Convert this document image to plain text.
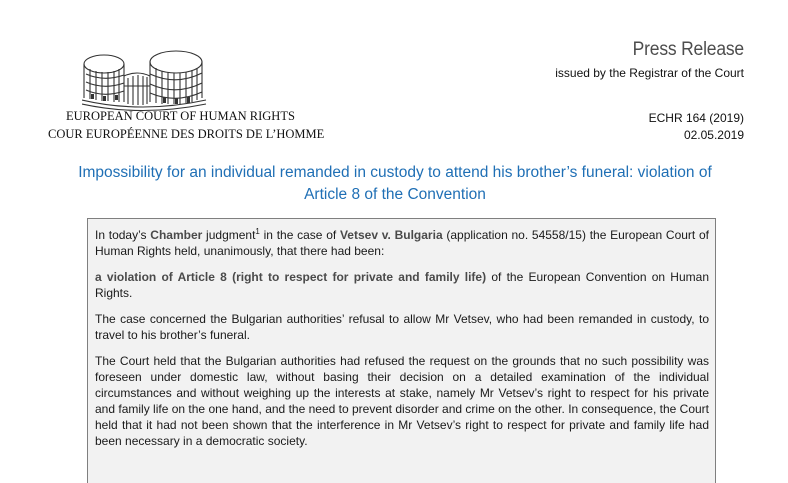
EUROPEAN COURT OF HUMAN RIGHTS
COUR EUROPÉENNE DES DROITS DE L’HOMME
Press Release
issued by the Registrar of the Court
ECHR 164 (2019)
02.05.2019
Impossibility for an individual remanded in custody to attend his brother’s funeral: violation of Article 8 of the Convention

In today’s Chamber judgment$^1$ in the case of Vetsev v. Bulgaria (application no. 54558/15) the European Court of Human Rights held, unanimously, that there had been:

a violation of Article 8 (right to respect for private and family life) of the European Convention on Human Rights.

The case concerned the Bulgarian authorities’ refusal to allow Mr Vetsev, who had been remanded in custody, to travel to his brother’s funeral.

The Court held that the Bulgarian authorities had refused the request on the grounds that no such possibility was foreseen under domestic law, without basing their decision on a detailed examination of the individual circumstances and without weighing up the interests at stake, namely Mr Vetsev’s right to respect for his private and family life on the one hand, and the need to prevent disorder and crime on the other. In consequence, the Court held that it had not been shown that the interference in Mr Vetsev’s right to respect for private and family life had been necessary in a democratic society.
